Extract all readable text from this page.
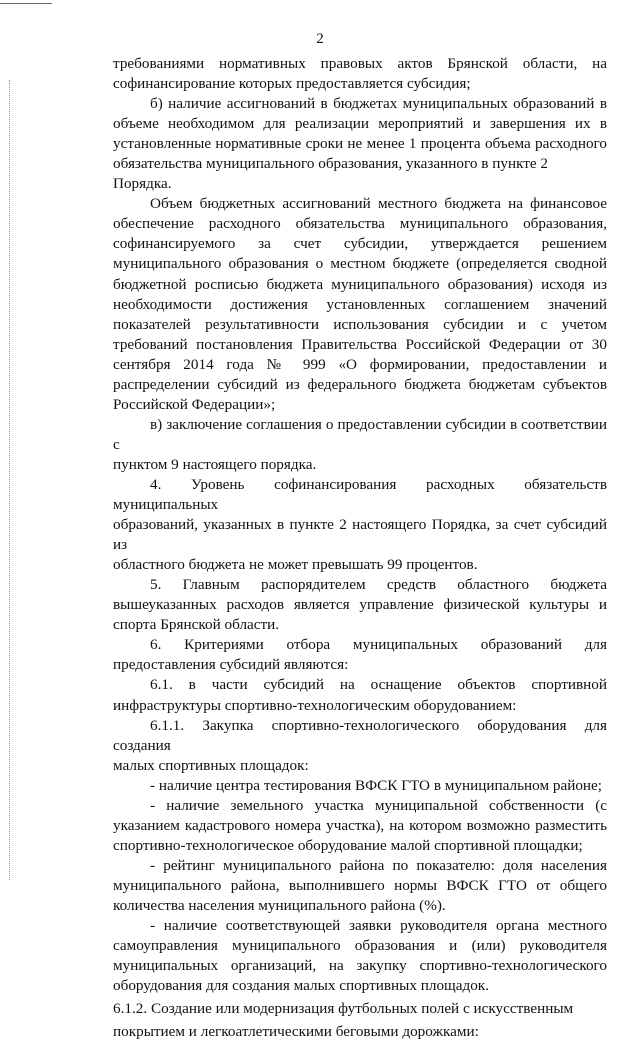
2

требованиями нормативных правовых актов Брянской области, на

софинансирование которых предоставляется субсидия;

б) наличие ассигнований в бюджетах муниципальных образований в

объеме необходимом для реализации мероприятий и завершения их в

установленные нормативные сроки не менее 1 процента объема расходного

обязательства муниципального образования, указанного в пункте 2 Порядка.

Объем бюджетных ассигнований местного бюджета на финансовое

обеспечение расходного обязательства муниципального образования,

софинансируемого за счет субсидии, утверждается решением

муниципального образования о местном бюджете (определяется сводной

бюджетной росписью бюджета муниципального образования) исходя из

необходимости достижения установленных соглашением значений

показателей результативности использования субсидии и с учетом

требований постановления Правительства Российской Федерации от 30

сентября 2014 года № 999 «О формировании, предоставлении и

распределении субсидий из федерального бюджета бюджетам субъектов

Российской Федерации»;

в) заключение соглашения о предоставлении субсидии в соответствии с

пунктом 9 настоящего порядка.

4. Уровень софинансирования расходных обязательств муниципальных

образований, указанных в пункте 2 настоящего Порядка, за счет субсидий из

областного бюджета не может превышать 99 процентов.

5. Главным распорядителем средств областного бюджета

вышеуказанных расходов является управление физической культуры и

спорта Брянской области.

6. Критериями отбора муниципальных образований для

предоставления субсидий являются:

6.1. в части субсидий на оснащение объектов спортивной

инфраструктуры спортивно-технологическим оборудованием:

6.1.1. Закупка спортивно-технологического оборудования для создания

малых спортивных площадок:

- наличие центра тестирования ВФСК ГТО в муниципальном районе;

- наличие земельного участка муниципальной собственности (с

указанием кадастрового номера участка), на котором возможно разместить

спортивно-технологическое оборудование малой спортивной площадки;

- рейтинг муниципального района по показателю: доля населения

муниципального района, выполнившего нормы ВФСК ГТО от общего

количества населения муниципального района (%).

- наличие соответствующей заявки руководителя органа местного

самоуправления муниципального образования и (или) руководителя

муниципальных организаций, на закупку спортивно-технологического

оборудования для создания малых спортивных площадок.

6.1.2. Создание или модернизация футбольных полей с искусственным

покрытием и легкоатлетическими беговыми дорожками:
